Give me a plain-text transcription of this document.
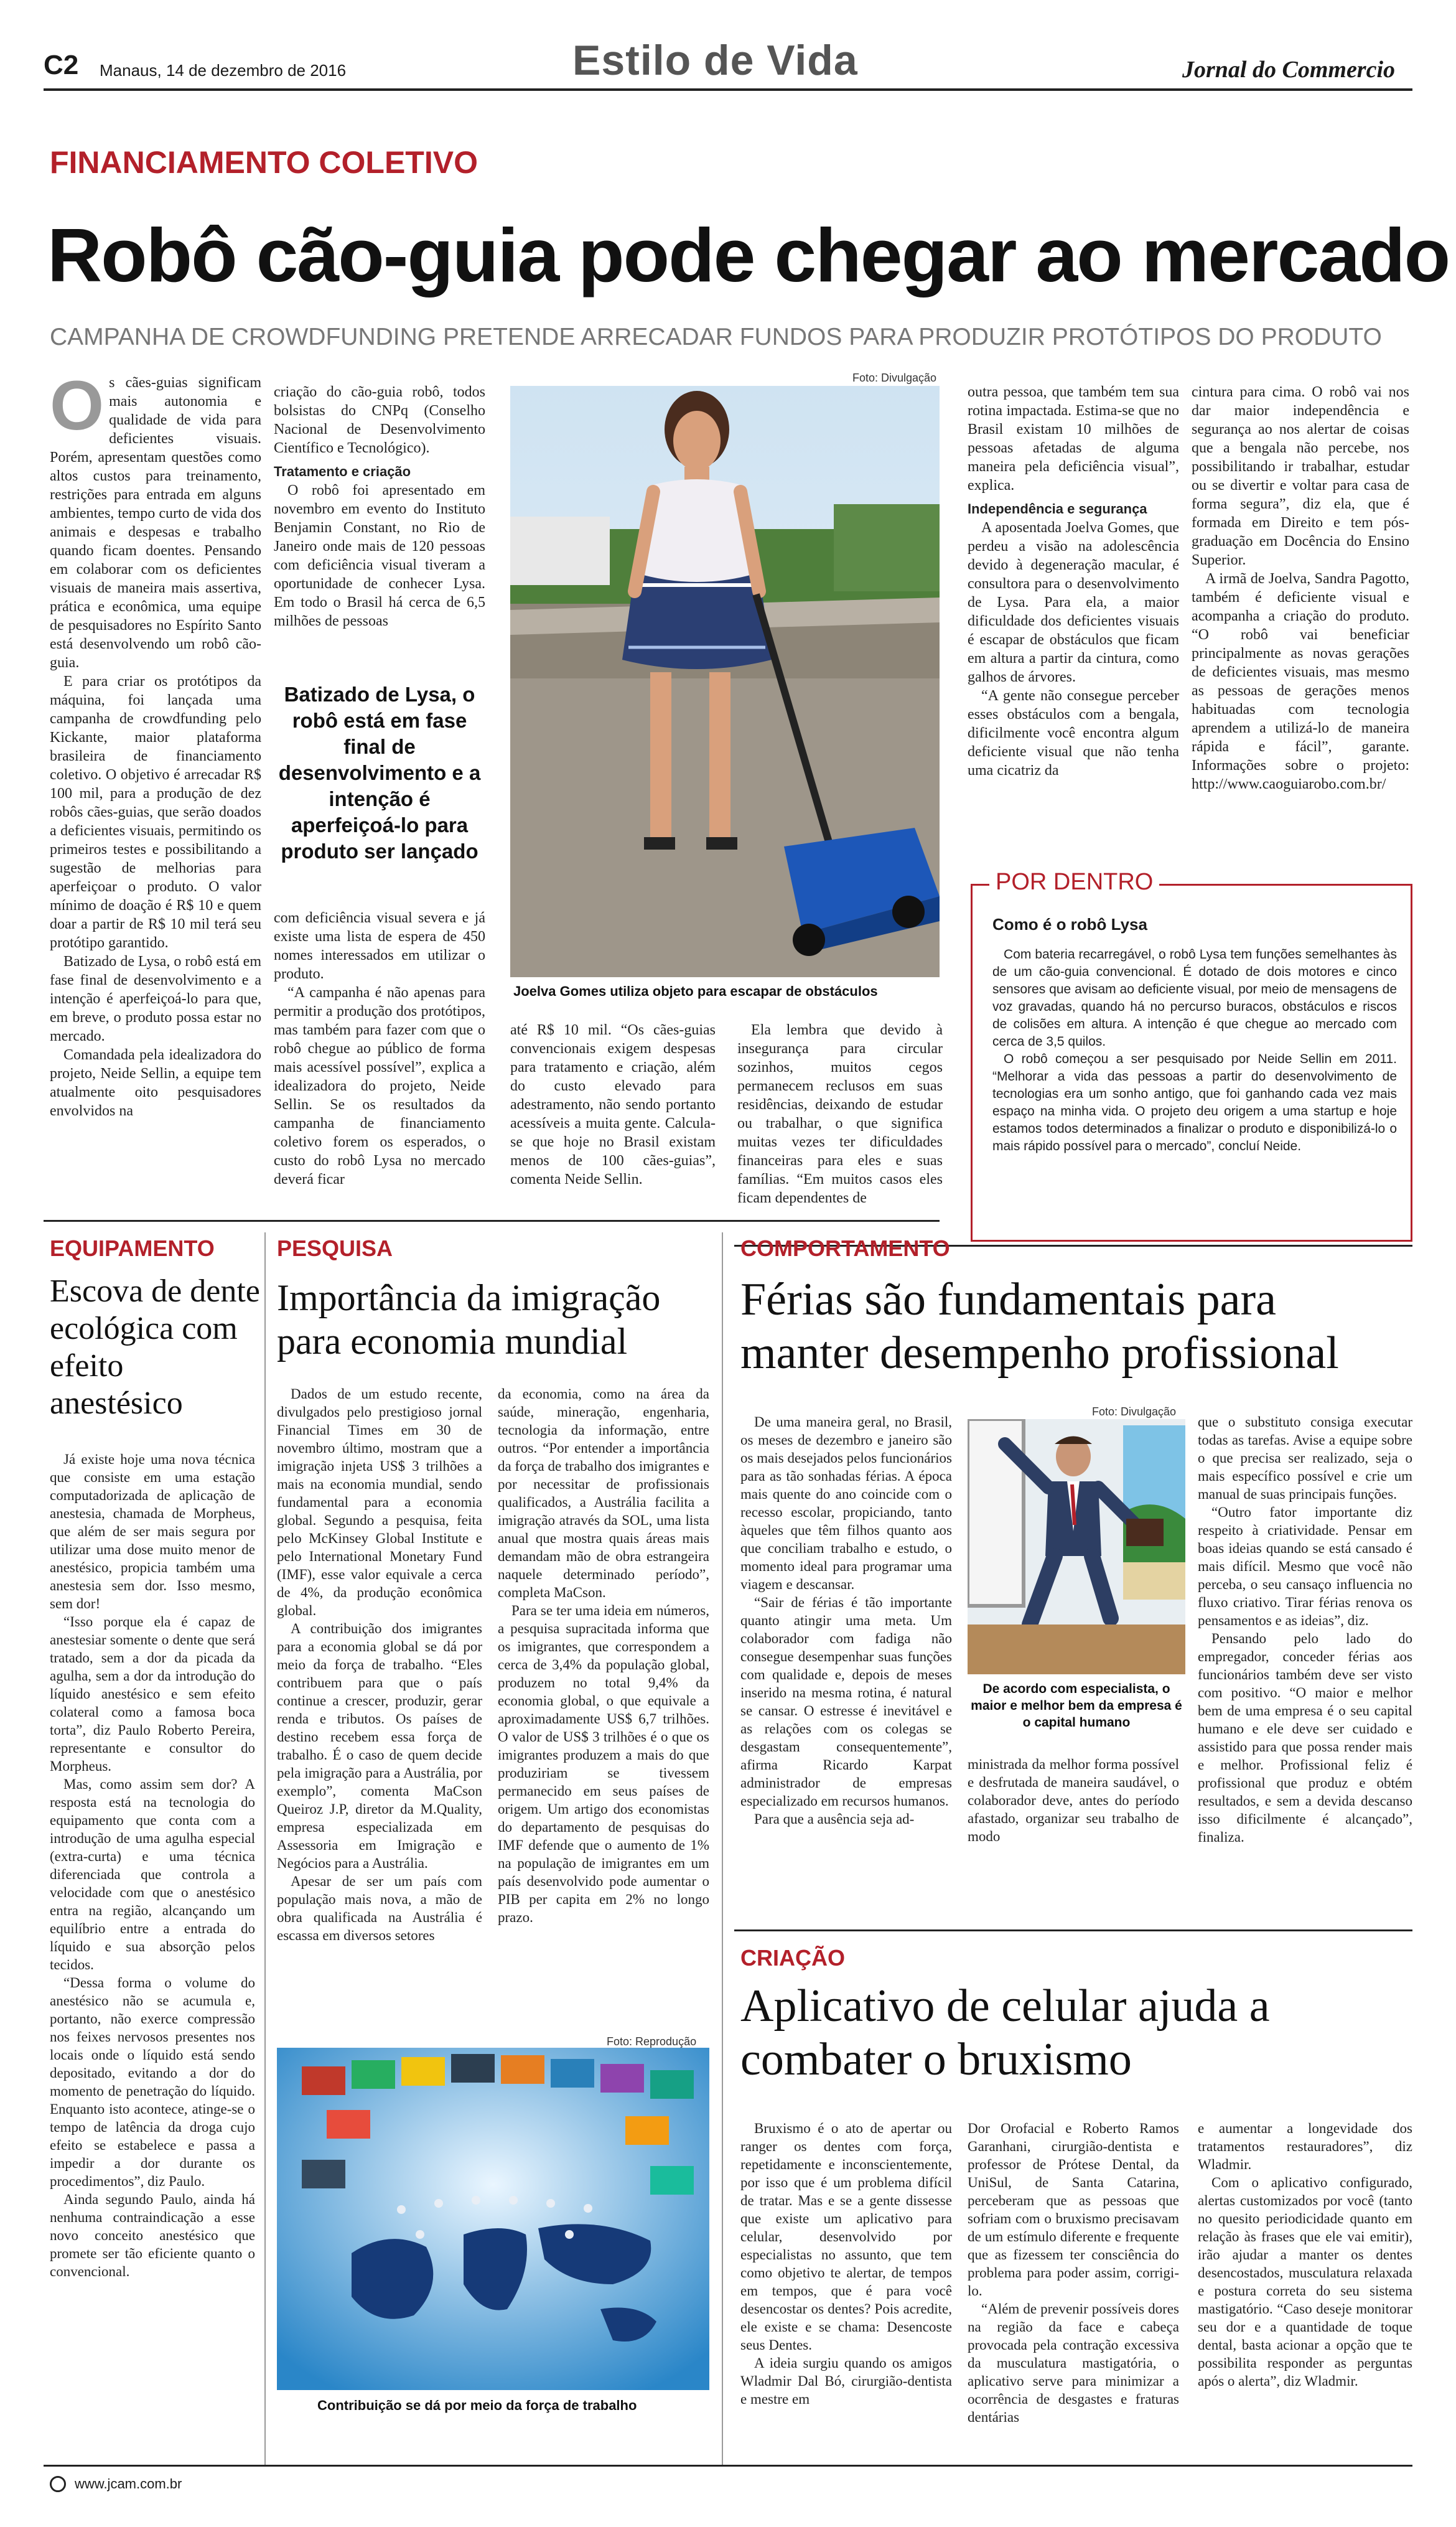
C2 Manaus, 14 de dezembro de 2016	Estilo de Vida	Jornal do Commercio
FINANCIAMENTO COLETIVO
Robô cão-guia pode chegar ao mercado
CAMPANHA DE CROWDFUNDING PRETENDE ARRECADAR FUNDOS PARA PRODUZIR PROTÓTIPOS DO PRODUTO
O s cães-guias significam mais autonomia e qualidade de vida para deficientes visuais. Porém, apresentam questões como altos custos para treinamento, restrições para entrada em alguns ambientes, tempo curto de vida dos animais e despesas e trabalho quando ficam doentes. Pensando em colaborar com os deficientes visuais de maneira mais assertiva, prática e econômica, uma equipe de pesquisadores no Espírito Santo está desenvolvendo um robô cão-guia.

E para criar os protótipos da máquina, foi lançada uma campanha de crowdfunding pelo Kickante, maior plataforma brasileira de financiamento coletivo. O objetivo é arrecadar R$ 100 mil, para a produção de dez robôs cães-guias, que serão doados a deficientes visuais, permitindo os primeiros testes e possibilitando a sugestão de melhorias para aperfeiçoar o produto. O valor mínimo de doação é R$ 10 e quem doar a partir de R$ 10 mil terá seu protótipo garantido.

Batizado de Lysa, o robô está em fase final de desenvolvimento e a intenção é aperfeiçoá-lo para que, em breve, o produto possa estar no mercado.

Comandada pela idealizadora do projeto, Neide Sellin, a equipe tem atualmente oito pesquisadores envolvidos na

criação do cão-guia robô, todos bolsistas do CNPq (Conselho Nacional de Desenvolvimento Científico e Tecnológico).

Tratamento e criação

O robô foi apresentado em novembro em evento do Instituto Benjamin Constant, no Rio de Janeiro onde mais de 120 pessoas com deficiência visual tiveram a oportunidade de conhecer Lysa. Em todo o Brasil há cerca de 6,5 milhões de pessoas

Batizado de Lysa, o robô está em fase final de desenvolvimento e a intenção é aperfeiçoá-lo para produto ser lançado

com deficiência visual severa e já existe uma lista de espera de 450 nomes interessados em utilizar o produto.

“A campanha é não apenas para permitir a produção dos protótipos, mas também para fazer com que o robô chegue ao público de forma mais acessível possível”, explica a idealizadora do projeto, Neide Sellin. Se os resultados da campanha de financiamento coletivo forem os esperados, o custo do robô Lysa no mercado deverá ficar

Foto: Divulgação
Joelva Gomes utiliza objeto para escapar de obstáculos

até R$ 10 mil. “Os cães-guias convencionais exigem despesas para tratamento e criação, além do custo elevado para adestramento, não sendo portanto acessíveis a muita gente. Calcula-se que hoje no Brasil existam menos de 100 cães-guias”, comenta Neide Sellin.

Ela lembra que devido à insegurança para circular sozinhos, muitos cegos permanecem reclusos em suas residências, deixando de estudar ou trabalhar, o que significa muitas vezes ter dificuldades financeiras para eles e suas famílias. “Em muitos casos eles ficam dependentes de

outra pessoa, que também tem sua rotina impactada. Estima-se que no Brasil existam 10 milhões de pessoas afetadas de alguma maneira pela deficiência visual”, explica.

Independência e segurança

A aposentada Joelva Gomes, que perdeu a visão na adolescência devido à degeneração macular, é consultora para o desenvolvimento de Lysa. Para ela, a maior dificuldade dos deficientes visuais é escapar de obstáculos que ficam em altura a partir da cintura, como galhos de árvores.

“A gente não consegue perceber esses obstáculos com a bengala, dificilmente você encontra algum deficiente visual que não tenha uma cicatriz da

cintura para cima. O robô vai nos dar maior independência e segurança ao nos alertar de coisas que a bengala não percebe, nos possibilitando ir trabalhar, estudar ou se divertir e voltar para casa de forma segura”, diz ela, que é formada em Direito e tem pós-graduação em Docência do Ensino Superior.

A irmã de Joelva, Sandra Pagotto, também é deficiente visual e acompanha a criação do produto. “O robô vai beneficiar principalmente as novas gerações de deficientes visuais, mas mesmo as pessoas de gerações menos habituadas com tecnologia aprendem a utilizá-lo de maneira rápida e fácil”, garante. Informações sobre o projeto: http://www.caoguiarobo.com.br/

POR DENTRO
Como é o robô Lysa

Com bateria recarregável, o robô Lysa tem funções semelhantes às de um cão-guia convencional. É dotado de dois motores e cinco sensores que avisam ao deficiente visual, por meio de mensagens de voz gravadas, quando há no percurso buracos, obstáculos e riscos de colisões em altura. A intenção é que chegue ao mercado com cerca de 3,5 quilos.

O robô começou a ser pesquisado por Neide Sellin em 2011. “Melhorar a vida das pessoas a partir do desenvolvimento de tecnologias era um sonho antigo, que foi ganhando cada vez mais espaço na minha vida. O projeto deu origem a uma startup e hoje estamos todos determinados a finalizar o produto e disponibilizá-lo o mais rápido possível para o mercado”, concluí Neide.

EQUIPAMENTO
Escova de dente ecológica com efeito anestésico

Já existe hoje uma nova técnica que consiste em uma estação computadorizada de aplicação de anestesia, chamada de Morpheus, que além de ser mais segura por utilizar uma dose muito menor de anestésico, propicia também uma anestesia sem dor. Isso mesmo, sem dor!

“Isso porque ela é capaz de anestesiar somente o dente que será tratado, sem a dor da picada da agulha, sem a dor da introdução do líquido anestésico e sem efeito colateral como a famosa boca torta”, diz Paulo Roberto Pereira, representante e consultor do Morpheus.

Mas, como assim sem dor? A resposta está na tecnologia do equipamento que conta com a introdução de uma agulha especial (extra-curta) e uma técnica diferenciada que controla a velocidade com que o anestésico entra na região, alcançando um equilíbrio entre a entrada do líquido e sua absorção pelos tecidos.

“Dessa forma o volume do anestésico não se acumula e, portanto, não exerce compressão nos feixes nervosos presentes nos locais onde o líquido está sendo depositado, evitando a dor do momento de penetração do líquido. Enquanto isto acontece, atinge-se o tempo de latência da droga cujo efeito se estabelece e passa a impedir a dor durante os procedimentos”, diz Paulo.

Ainda segundo Paulo, ainda há nenhuma contraindicação a esse novo conceito anestésico que promete ser tão eficiente quanto o convencional.

PESQUISA
Importância da imigração para economia mundial

Dados de um estudo recente, divulgados pelo prestigioso jornal Financial Times em 30 de novembro último, mostram que a imigração injeta US$ 3 trilhões a mais na economia mundial, sendo fundamental para a economia global. Segundo a pesquisa, feita pelo McKinsey Global Institute e pelo International Monetary Fund (IMF), esse valor equivale a cerca de 4%, da produção econômica global.

A contribuição dos imigrantes para a economia global se dá por meio da força de trabalho. “Eles contribuem para que o país continue a crescer, produzir, gerar renda e tributos. Os países de destino recebem essa força de trabalho. É o caso de quem decide pela imigração para a Austrália, por exemplo”, comenta MaCson Queiroz J.P, diretor da M.Quality, empresa especializada em Assessoria em Imigração e Negócios para a Austrália.

Apesar de ser um país com população mais nova, a mão de obra qualificada na Austrália é escassa em diversos setores

da economia, como na área da saúde, mineração, engenharia, tecnologia da informação, entre outros. “Por entender a importância da força de trabalho dos imigrantes e por necessitar de profissionais qualificados, a Austrália facilita a imigração através da SOL, uma lista anual que mostra quais áreas mais demandam mão de obra estrangeira naquele determinado período”, completa MaCson.

Para se ter uma ideia em números, a pesquisa supracitada informa que os imigrantes, que correspondem a cerca de 3,4% da população global, produzem no total 9,4% da economia global, o que equivale a aproximadamente US$ 6,7 trilhões. O valor de US$ 3 trilhões é o que os imigrantes produzem a mais do que produziriam se tivessem permanecido em seus países de origem. Um artigo dos economistas do departamento de pesquisas do IMF defende que o aumento de 1% na população de imigrantes em um país desenvolvido pode aumentar o PIB per capita em 2% no longo prazo.

Foto: Reprodução
Contribuição se dá por meio da força de trabalho
COMPORTAMENTO
Férias são fundamentais para manter desempenho profissional

De uma maneira geral, no Brasil, os meses de dezembro e janeiro são os mais desejados pelos funcionários para as tão sonhadas férias. A época mais quente do ano coincide com o recesso escolar, propiciando, tanto àqueles que têm filhos quanto aos que conciliam trabalho e estudo, o momento ideal para programar uma viagem e descansar.

“Sair de férias é tão importante quanto atingir uma meta. Um colaborador com fadiga não consegue desempenhar suas funções com qualidade e, depois de meses inserido na mesma rotina, é natural se cansar. O estresse é inevitável e as relações com os colegas se desgastam consequentemente”, afirma Ricardo Karpat administrador de empresas especializado em recursos humanos.

Para que a ausência seja ad-

Foto: Divulgação
De acordo com especialista, o maior e melhor bem da empresa é o capital humano

ministrada da melhor forma possível e desfrutada de maneira saudável, o colaborador deve, antes do período afastado, organizar seu trabalho de modo

que o substituto consiga executar todas as tarefas. Avise a equipe sobre o que precisa ser realizado, seja o mais específico possível e crie um manual de suas principais funções.

“Outro fator importante diz respeito à criatividade. Pensar em boas ideias quando se está cansado é mais difícil. Mesmo que você não perceba, o seu cansaço influencia no fluxo criativo. Tirar férias renova os pensamentos e as ideias”, diz.

Pensando pelo lado do empregador, conceder férias aos funcionários também deve ser visto com positivo. “O maior e melhor bem de uma empresa é o seu capital humano e ele deve ser cuidado e assistido para que possa render mais e melhor. Profissional feliz é profissional que produz e obtém resultados, e sem a devida descanso isso dificilmente é alcançado”, finaliza.

CRIAÇÃO
Aplicativo de celular ajuda a combater o bruxismo

Bruxismo é o ato de apertar ou ranger os dentes com força, repetidamente e inconscientemente, por isso que é um problema difícil de tratar. Mas e se a gente dissesse que existe um aplicativo para celular, desenvolvido por especialistas no assunto, que tem como objetivo te alertar, de tempos em tempos, que é para você desencostar os dentes? Pois acredite, ele existe e se chama: Desencoste seus Dentes.

A ideia surgiu quando os amigos Wladmir Dal Bó, cirurgião-dentista e mestre em

Dor Orofacial e Roberto Ramos Garanhani, cirurgião-dentista e professor de Prótese Dental, da UniSul, de Santa Catarina, perceberam que as pessoas que sofriam com o bruxismo precisavam de um estímulo diferente e frequente que as fizessem ter consciência do problema para poder assim, corrigi-lo.

“Além de prevenir possíveis dores na região da face e cabeça provocada pela contração excessiva da musculatura mastigatória, o aplicativo serve para minimizar a ocorrência de desgastes e fraturas dentárias

e aumentar a longevidade dos tratamentos restauradores”, diz Wladmir.

Com o aplicativo configurado, alertas customizados por você (tanto no quesito periodicidade quanto em relação às frases que ele vai emitir), irão ajudar a manter os dentes desencostados, musculatura relaxada e postura correta do seu sistema mastigatório. “Caso deseje monitorar seu dor e a quantidade de toque dental, basta acionar a opção que te possibilita responder as perguntas após o alerta”, diz Wladmir.

www.jcam.com.br
